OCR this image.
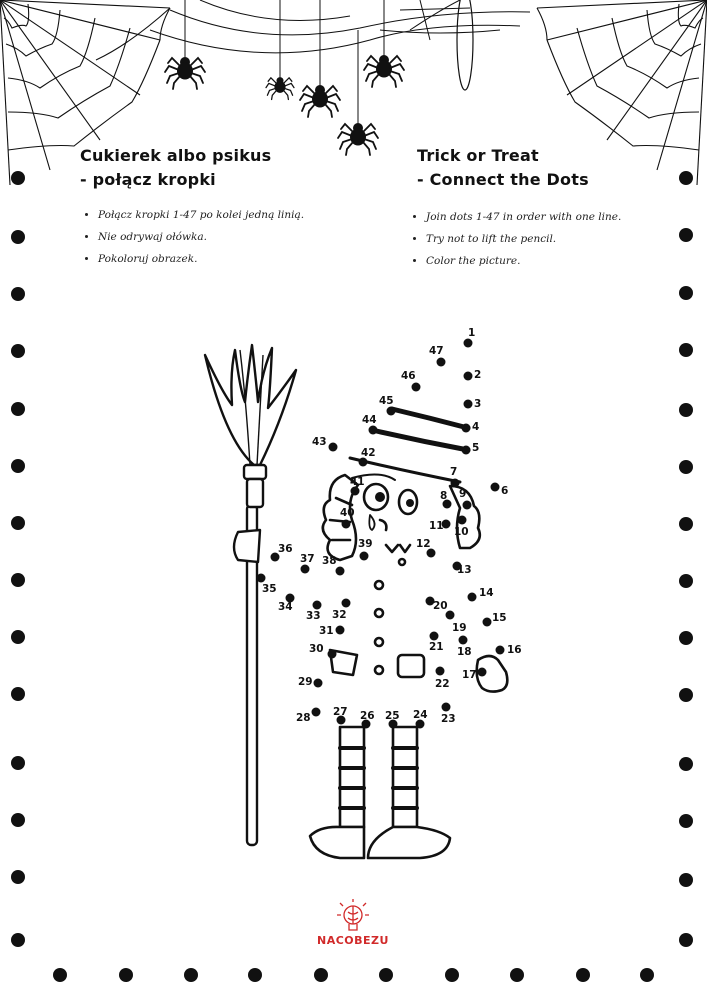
Cukierek albo psikus
- połącz kropki
Trick or Treat
- Connect the Dots
• Połącz kropki 1-47 po kolei jedną linią.
• Nie odrywaj ołówka.
• Pokoloruj obrazek.
• Join dots 1-47 in order with one line.
• Try not to lift the pencil.
• Color the picture.
1
2
3
4
5
6
7
8 9
10
11
12
13
14
15
16
17
18
19
20
21
22
23
24
25
26
27
28
29
30
31
32
33
34
35
36
37 38
39
40
41
42
43
44
45
46
47
NACOBEZU
